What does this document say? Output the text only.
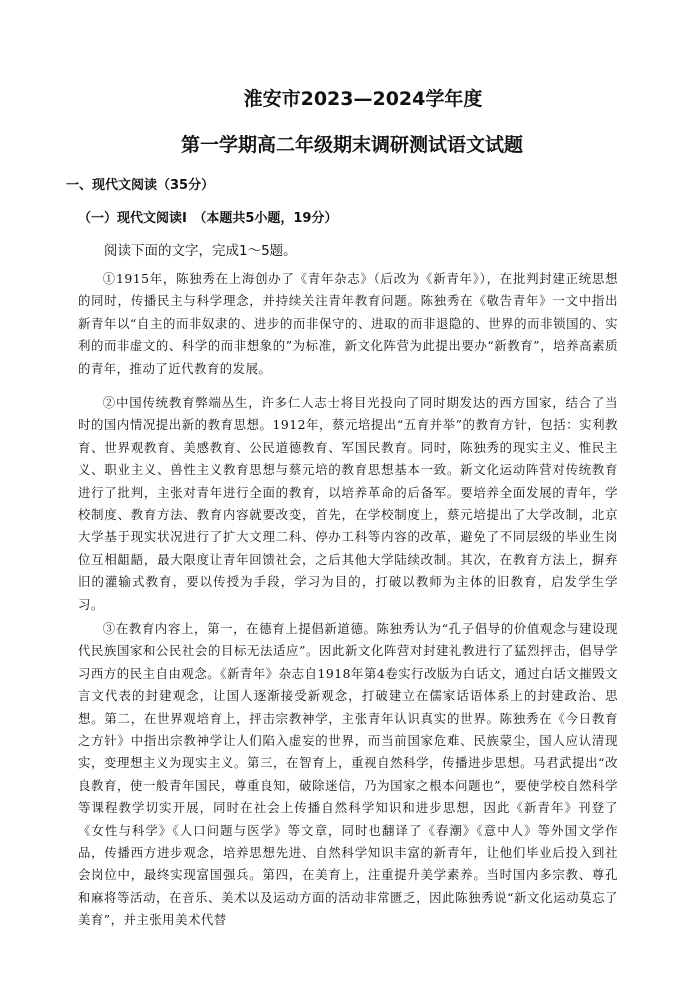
淮安市2023—2024学年度
第一学期高二年级期末调研测试语文试题
一、现代文阅读（35分）
（一）现代文阅读I　（本题共5小题，19分）
阅读下面的文字，完成1～5题。

①1915年，陈独秀在上海创办了《青年杂志》（后改为《新青年》），在批判封建正统思想的同时，传播民主与科学理念，并持续关注青年教育问题。陈独秀在《敬告青年》一文中指出新青年以“自主的而非奴隶的、进步的而非保守的、进取的而非退隐的、世界的而非锁国的、实利的而非虚文的、科学的而非想象的”为标准，新文化阵营为此提出要办“新教育”，培养高素质的青年，推动了近代教育的发展。

②中国传统教育弊端丛生，许多仁人志士将目光投向了同时期发达的西方国家，结合了当时的国内情况提出新的教育思想。1912年，蔡元培提出“五育并举”的教育方针，包括：实利教育、世界观教育、美感教育、公民道德教育、军国民教育。同时，陈独秀的现实主义、惟民主义、职业主义、兽性主义教育思想与蔡元培的教育思想基本一致。新文化运动阵营对传统教育进行了批判，主张对青年进行全面的教育，以培养革命的后备军。要培养全面发展的青年，学校制度、教育方法、教育内容就要改变，首先，在学校制度上，蔡元培提出了大学改制，北京大学基于现实状况进行了扩大文理二科、停办工科等内容的改革，避免了不同层级的毕业生岗位互相龃龉，最大限度让青年回馈社会，之后其他大学陆续改制。其次，在教育方法上，摒弃旧的灌输式教育，要以传授为手段，学习为目的，打破以教师为主体的旧教育，启发学生学习。

③在教育内容上，第一，在德育上提倡新道德。陈独秀认为“孔子倡导的价值观念与建设现代民族国家和公民社会的目标无法适应”。因此新文化阵营对封建礼教进行了猛烈抨击，倡导学习西方的民主自由观念。《新青年》杂志自1918年第4卷实行改版为白话文，通过白话文摧毁文言文代表的封建观念，让国人逐渐接受新观念，打破建立在儒家话语体系上的封建政治、思想。第二，在世界观培育上，抨击宗教神学，主张青年认识真实的世界。陈独秀在《今日教育之方针》中指出宗教神学让人们陷入虚妄的世界，而当前国家危难、民族蒙尘，国人应认清现实，变理想主义为现实主义。第三，在智育上，重视自然科学，传播进步思想。马君武提出“改良教育，使一般青年国民，尊重良知，破除迷信，乃为国家之根本问题也”，要使学校自然科学等课程教学切实开展，同时在社会上传播自然科学知识和进步思想，因此《新青年》刊登了《女性与科学》《人口问题与医学》等文章，同时也翻译了《春潮》《意中人》等外国文学作品，传播西方进步观念，培养思想先进、自然科学知识丰富的新青年，让他们毕业后投入到社会岗位中，最终实现富国强兵。第四，在美育上，注重提升美学素养。当时国内多宗教、尊孔和麻将等活动，在音乐、美术以及运动方面的活动非常匮乏，因此陈独秀说“新文化运动莫忘了美育”，并主张用美术代替
